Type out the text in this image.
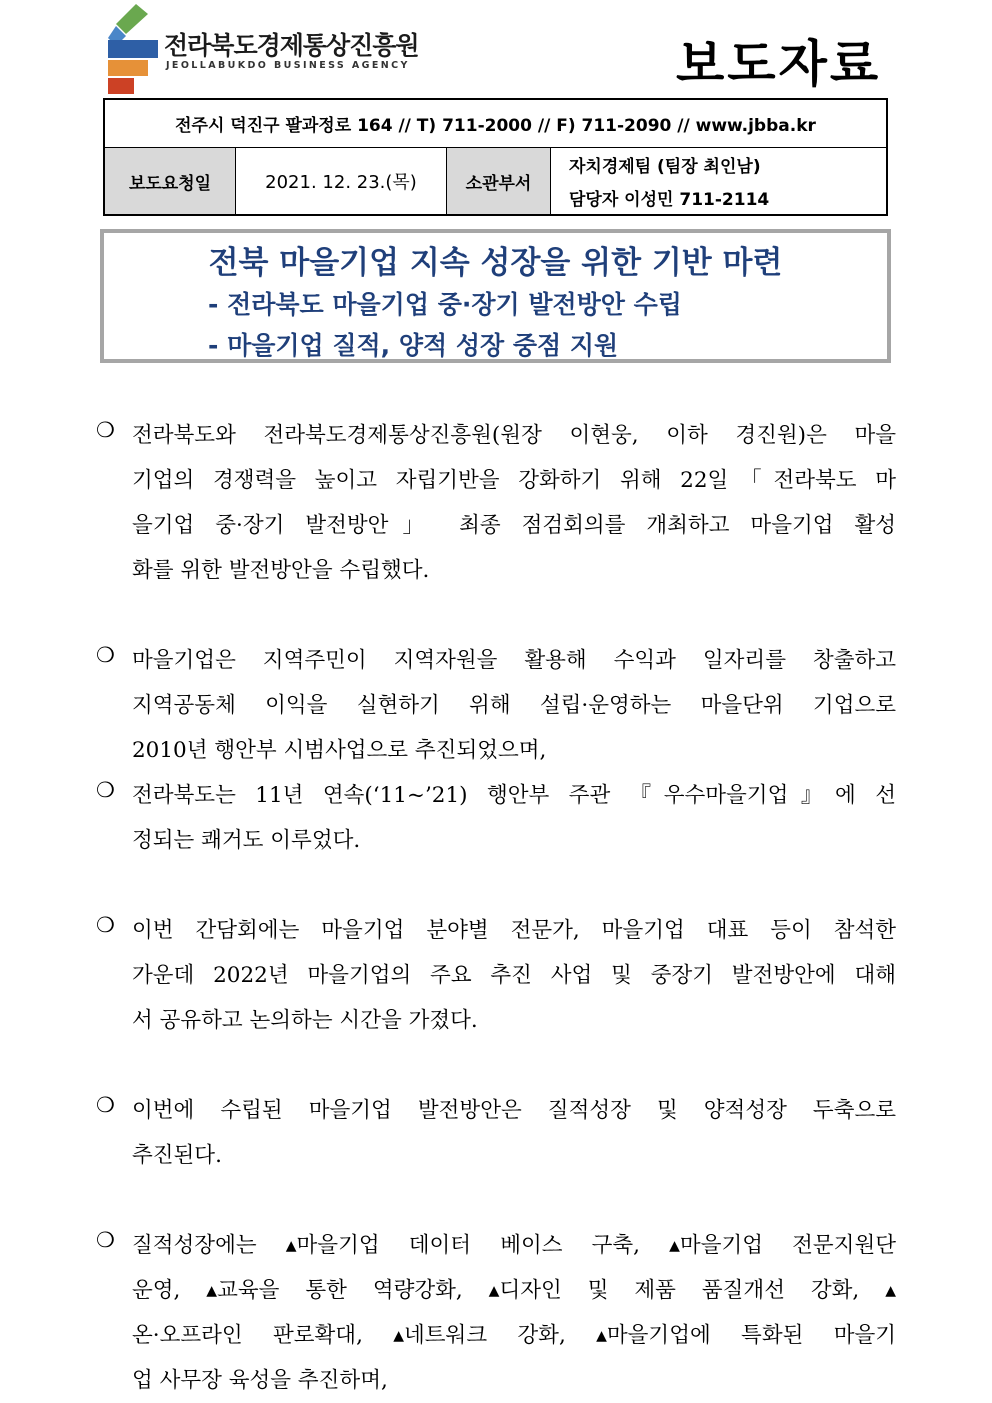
전라북도경제통상진흥원
JEOLLABUKDO BUSINESS AGENCY	보도자료
전주시 덕진구 팔과정로 164 // T) 711-2000 // F) 711-2090 // www.jbba.kr
보도요청일	2021. 12. 23.(목)	소관부서
자치경제팀 (팀장 최인남)
담당자 이성민 711-2114
전북 마을기업 지속 성장을 위한 기반 마련
- 전라북도 마을기업 중·장기 발전방안 수립
- 마을기업 질적, 양적 성장 중점 지원
❍ 전라북도와 전라북도경제통상진흥원(원장 이현웅, 이하 경진원)은 마을
기업의 경쟁력을 높이고 자립기반을 강화하기 위해 22일「전라북도 마
을기업 중·장기 발전방안」 최종 점검회의를 개최하고 마을기업 활성
화를 위한 발전방안을 수립했다.
❍ 마을기업은 지역주민이 지역자원을 활용해 수익과 일자리를 창출하고
지역공동체 이익을 실현하기 위해 설립·운영하는 마을단위 기업으로
2010년 행안부 시범사업으로 추진되었으며,
❍ 전라북도는 11년 연속(‘11~’21) 행안부 주관 『우수마을기업』에 선
정되는 쾌거도 이루었다.
❍ 이번 간담회에는 마을기업 분야별 전문가, 마을기업 대표 등이 참석한
가운데 2022년 마을기업의 주요 추진 사업 및 중장기 발전방안에 대해
서 공유하고 논의하는 시간을 가졌다.
❍ 이번에 수립된 마을기업 발전방안은 질적성장 및 양적성장 두축으로
추진된다.
❍ 질적성장에는 ▴마을기업 데이터 베이스 구축, ▴마을기업 전문지원단
운영, ▴교육을 통한 역량강화, ▴디자인 및 제품 품질개선 강화, ▴
온·오프라인 판로확대, ▴네트워크 강화, ▴마을기업에 특화된 마을기
업 사무장 육성을 추진하며,
